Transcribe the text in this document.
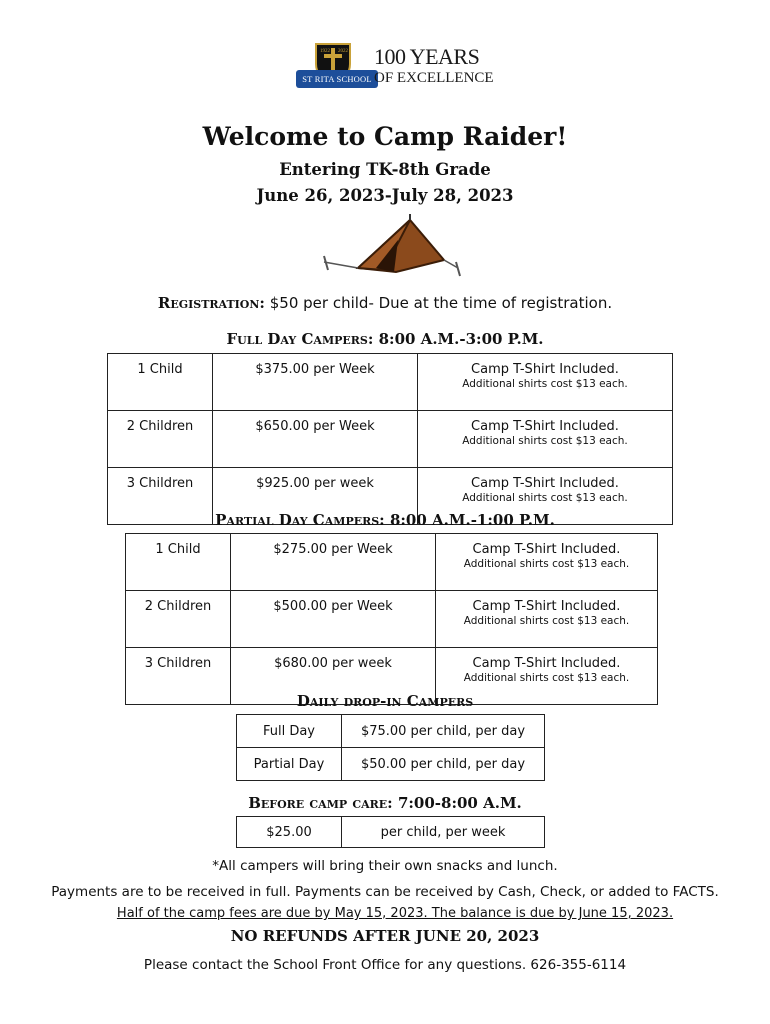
1922 2022
ST RITA SCHOOL
100 YEARS
OF EXCELLENCE
Welcome to Camp Raider!
Entering TK-8th Grade
June 26, 2023-July 28, 2023
Registration: $50 per child- Due at the time of registration.
Full Day Campers: 8:00 A.M.-3:00 P.M.
1 Child	$375.00 per Week	Camp T-Shirt Included.
Additional shirts cost $13 each.

2 Children	$650.00 per Week	Camp T-Shirt Included.
Additional shirts cost $13 each.

3 Children	$925.00 per week	Camp T-Shirt Included.
Additional shirts cost $13 each.
Partial Day Campers: 8:00 A.M.-1:00 P.M.
1 Child	$275.00 per Week	Camp T-Shirt Included.
Additional shirts cost $13 each.

2 Children	$500.00 per Week	Camp T-Shirt Included.
Additional shirts cost $13 each.

3 Children	$680.00 per week	Camp T-Shirt Included.
Additional shirts cost $13 each.
Daily drop-in Campers
Full Day	$75.00 per child, per day
Partial Day	$50.00 per child, per day
Before camp care: 7:00-8:00 A.M.
$25.00	per child, per week
*All campers will bring their own snacks and lunch.
Payments are to be received in full. Payments can be received by Cash, Check, or added to FACTS.
Half of the camp fees are due by May 15, 2023. The balance is due by June 15, 2023.
NO REFUNDS AFTER JUNE 20, 2023
Please contact the School Front Office for any questions. 626-355-6114
